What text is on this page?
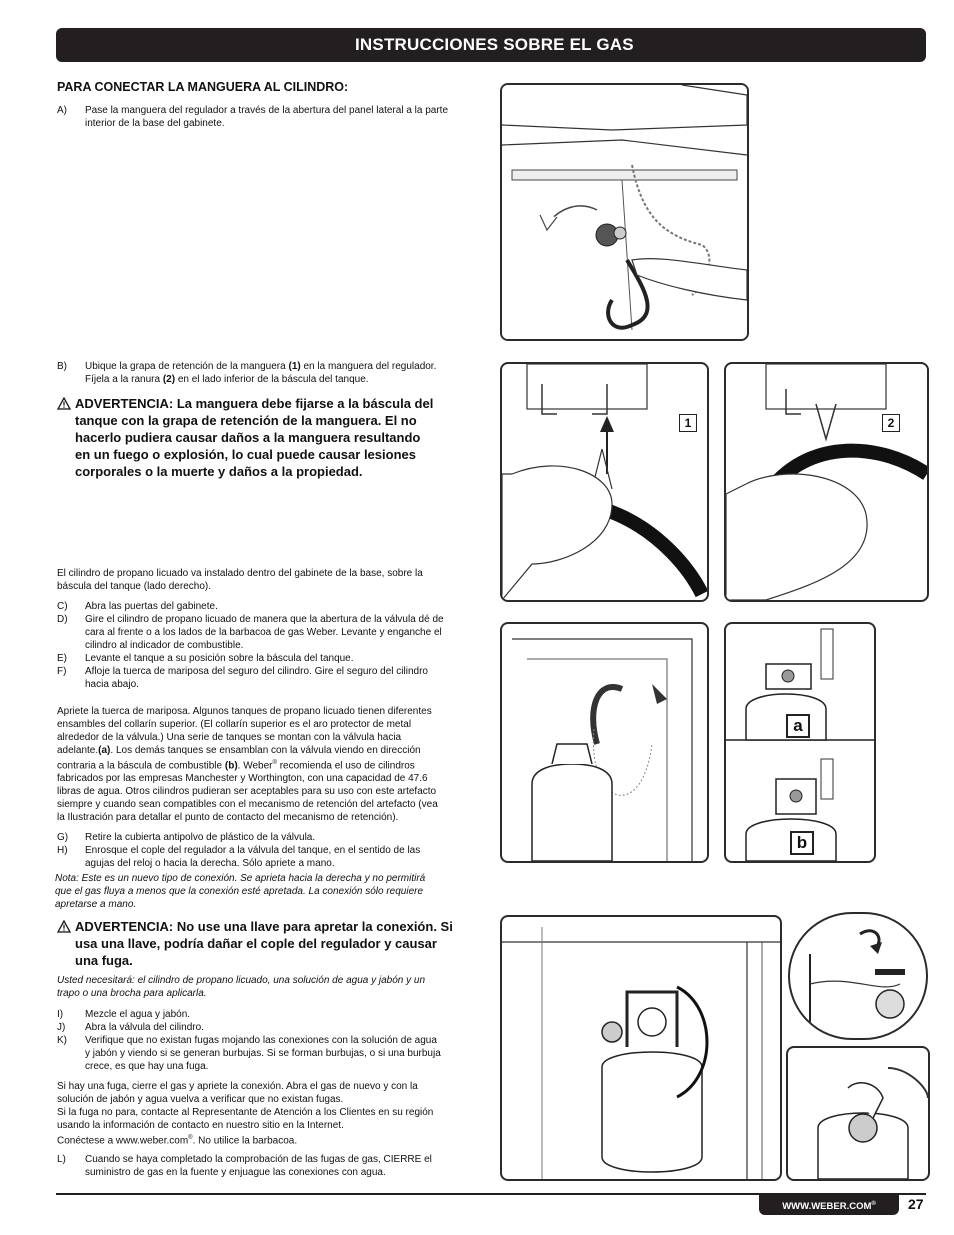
INSTRUCCIONES SOBRE EL GAS
PARA CONECTAR LA MANGUERA AL CILINDRO:
A)	Pase la manguera del regulador a través de la abertura del panel lateral a la parte
interior de la base del gabinete.
B)	Ubique la grapa de retención de la manguera (1) en la manguera del regulador.
Fíjela a la ranura (2) en el lado inferior de la báscula del tanque.
ADVERTENCIA: La manguera debe fijarse a la báscula del
tanque con la grapa de retención de la manguera. El no
hacerlo pudiera causar daños a la manguera resultando
en un fuego o explosión, lo cual puede causar lesiones
corporales o la muerte y daños a la propiedad.
El cilindro de propano licuado va instalado dentro del gabinete de la base, sobre la
báscula del tanque (lado derecho).
C)	Abra las puertas del gabinete.
D)	Gire el cilindro de propano licuado de manera que la abertura de la válvula dé de
cara al frente o a los lados de la barbacoa de gas Weber. Levante y enganche el
cilindro al indicador de combustible.
E)	Levante el tanque a su posición sobre la báscula del tanque.
F)	Afloje la tuerca de mariposa del seguro del cilindro. Gire el seguro del cilindro
hacia abajo.
Apriete la tuerca de mariposa. Algunos tanques de propano licuado tienen diferentes
ensambles del collarín superior. (El collarín superior es el aro protector de metal
alrededor de la válvula.) Una serie de tanques se montan con la válvula hacia
adelante.(a). Los demás tanques se ensamblan con la válvula viendo en dirección
contraria a la báscula de combustible (b). Weber® recomienda el uso de cilindros
fabricados por las empresas Manchester y Worthington, con una capacidad de 47.6
libras de agua. Otros cilindros pudieran ser aceptables para su uso con este artefacto
siempre y cuando sean compatibles con el mecanismo de retención del artefacto (vea
la Ilustración para detallar el punto de contacto del mecanismo de retención).
G)	Retire la cubierta antipolvo de plástico de la válvula.
H)	Enrosque el cople del regulador a la válvula del tanque, en el sentido de las
agujas del reloj o hacia la derecha. Sólo apriete a mano.
Nota: Este es un nuevo tipo de conexión. Se aprieta hacia la derecha y no permitirá
que el gas fluya a menos que la conexión esté apretada. La conexión sólo requiere
apretarse a mano.
ADVERTENCIA: No use una llave para apretar la conexión. Si
usa una llave, podría dañar el cople del regulador y causar
una fuga.
Usted necesitará: el cilindro de propano licuado, una solución de agua y jabón y un
trapo o una brocha para aplicarla.
I)	Mezcle el agua y jabón.
J)	Abra la válvula del cilindro.
K)	Verifique que no existan fugas mojando las conexiones con la solución de agua
y jabón y viendo si se generan burbujas. Si se forman burbujas, o si una burbuja
crece, es que hay una fuga.
Si hay una fuga, cierre el gas y apriete la conexión. Abra el gas de nuevo y con la
solución de jabón y agua vuelva a verificar que no existan fugas.
Si la fuga no para, contacte al Representante de Atención a los Clientes en su región
usando la información de contacto en nuestro sitio en la Internet.
Conéctese a www.weber.com®. No utilice la barbacoa.
L)	Cuando se haya completado la comprobación de las fugas de gas, CIERRE el
suministro de gas en la fuente y enjuague las conexiones con agua.
1	2
a
b
WWW.WEBER.COM®	27
